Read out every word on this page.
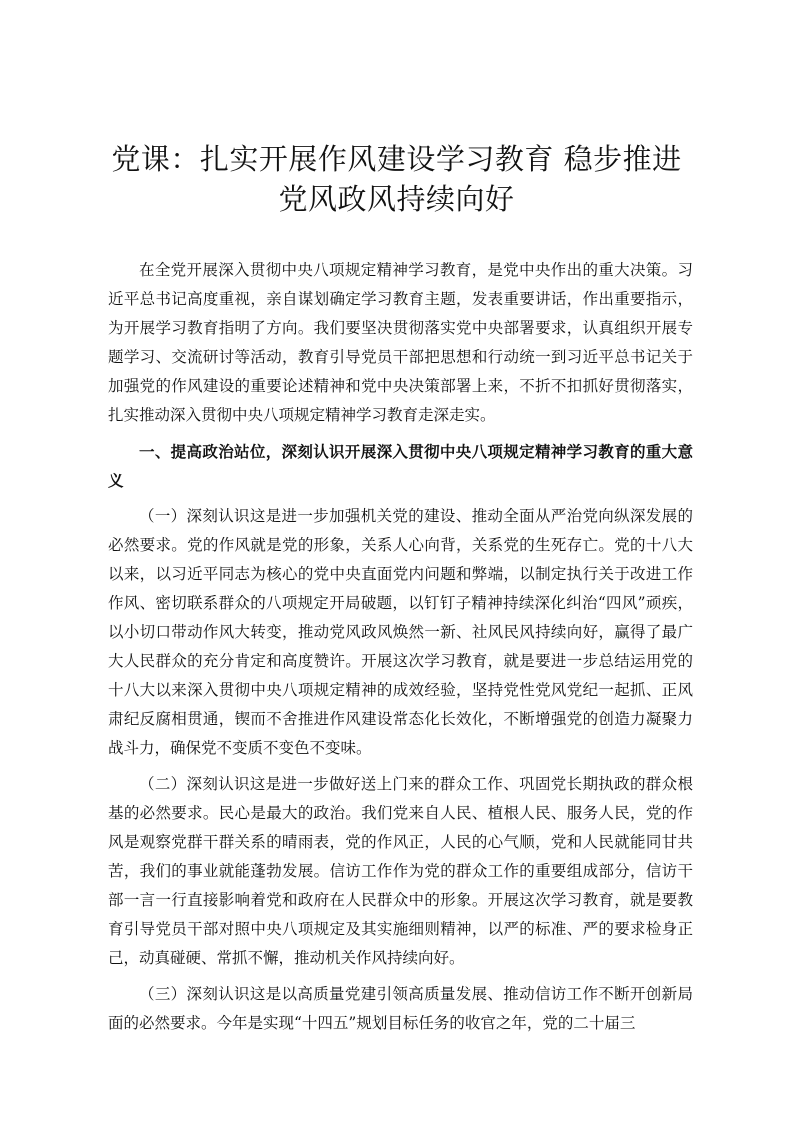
党课：扎实开展作风建设学习教育 稳步推进
党风政风持续向好

在全党开展深入贯彻中央八项规定精神学习教育，是党中央作出的重大决策。习近平总书记高度重视，亲自谋划确定学习教育主题，发表重要讲话，作出重要指示，为开展学习教育指明了方向。我们要坚决贯彻落实党中央部署要求，认真组织开展专题学习、交流研讨等活动，教育引导党员干部把思想和行动统一到习近平总书记关于加强党的作风建设的重要论述精神和党中央决策部署上来，不折不扣抓好贯彻落实，扎实推动深入贯彻中央八项规定精神学习教育走深走实。

一、提高政治站位，深刻认识开展深入贯彻中央八项规定精神学习教育的重大意义

（一）深刻认识这是进一步加强机关党的建设、推动全面从严治党向纵深发展的必然要求。党的作风就是党的形象，关系人心向背，关系党的生死存亡。党的十八大以来，以习近平同志为核心的党中央直面党内问题和弊端，以制定执行关于改进工作作风、密切联系群众的八项规定开局破题，以钉钉子精神持续深化纠治“四风”顽疾，以小切口带动作风大转变，推动党风政风焕然一新、社风民风持续向好，赢得了最广大人民群众的充分肯定和高度赞许。开展这次学习教育，就是要进一步总结运用党的十八大以来深入贯彻中央八项规定精神的成效经验，坚持党性党风党纪一起抓、正风肃纪反腐相贯通，锲而不舍推进作风建设常态化长效化，不断增强党的创造力凝聚力战斗力，确保党不变质不变色不变味。

（二）深刻认识这是进一步做好送上门来的群众工作、巩固党长期执政的群众根基的必然要求。民心是最大的政治。我们党来自人民、植根人民、服务人民，党的作风是观察党群干群关系的晴雨表，党的作风正，人民的心气顺，党和人民就能同甘共苦，我们的事业就能蓬勃发展。信访工作作为党的群众工作的重要组成部分，信访干部一言一行直接影响着党和政府在人民群众中的形象。开展这次学习教育，就是要教育引导党员干部对照中央八项规定及其实施细则精神，以严的标准、严的要求检身正己，动真碰硬、常抓不懈，推动机关作风持续向好。

（三）深刻认识这是以高质量党建引领高质量发展、推动信访工作不断开创新局面的必然要求。今年是实现“十四五”规划目标任务的收官之年，党的二十届三
